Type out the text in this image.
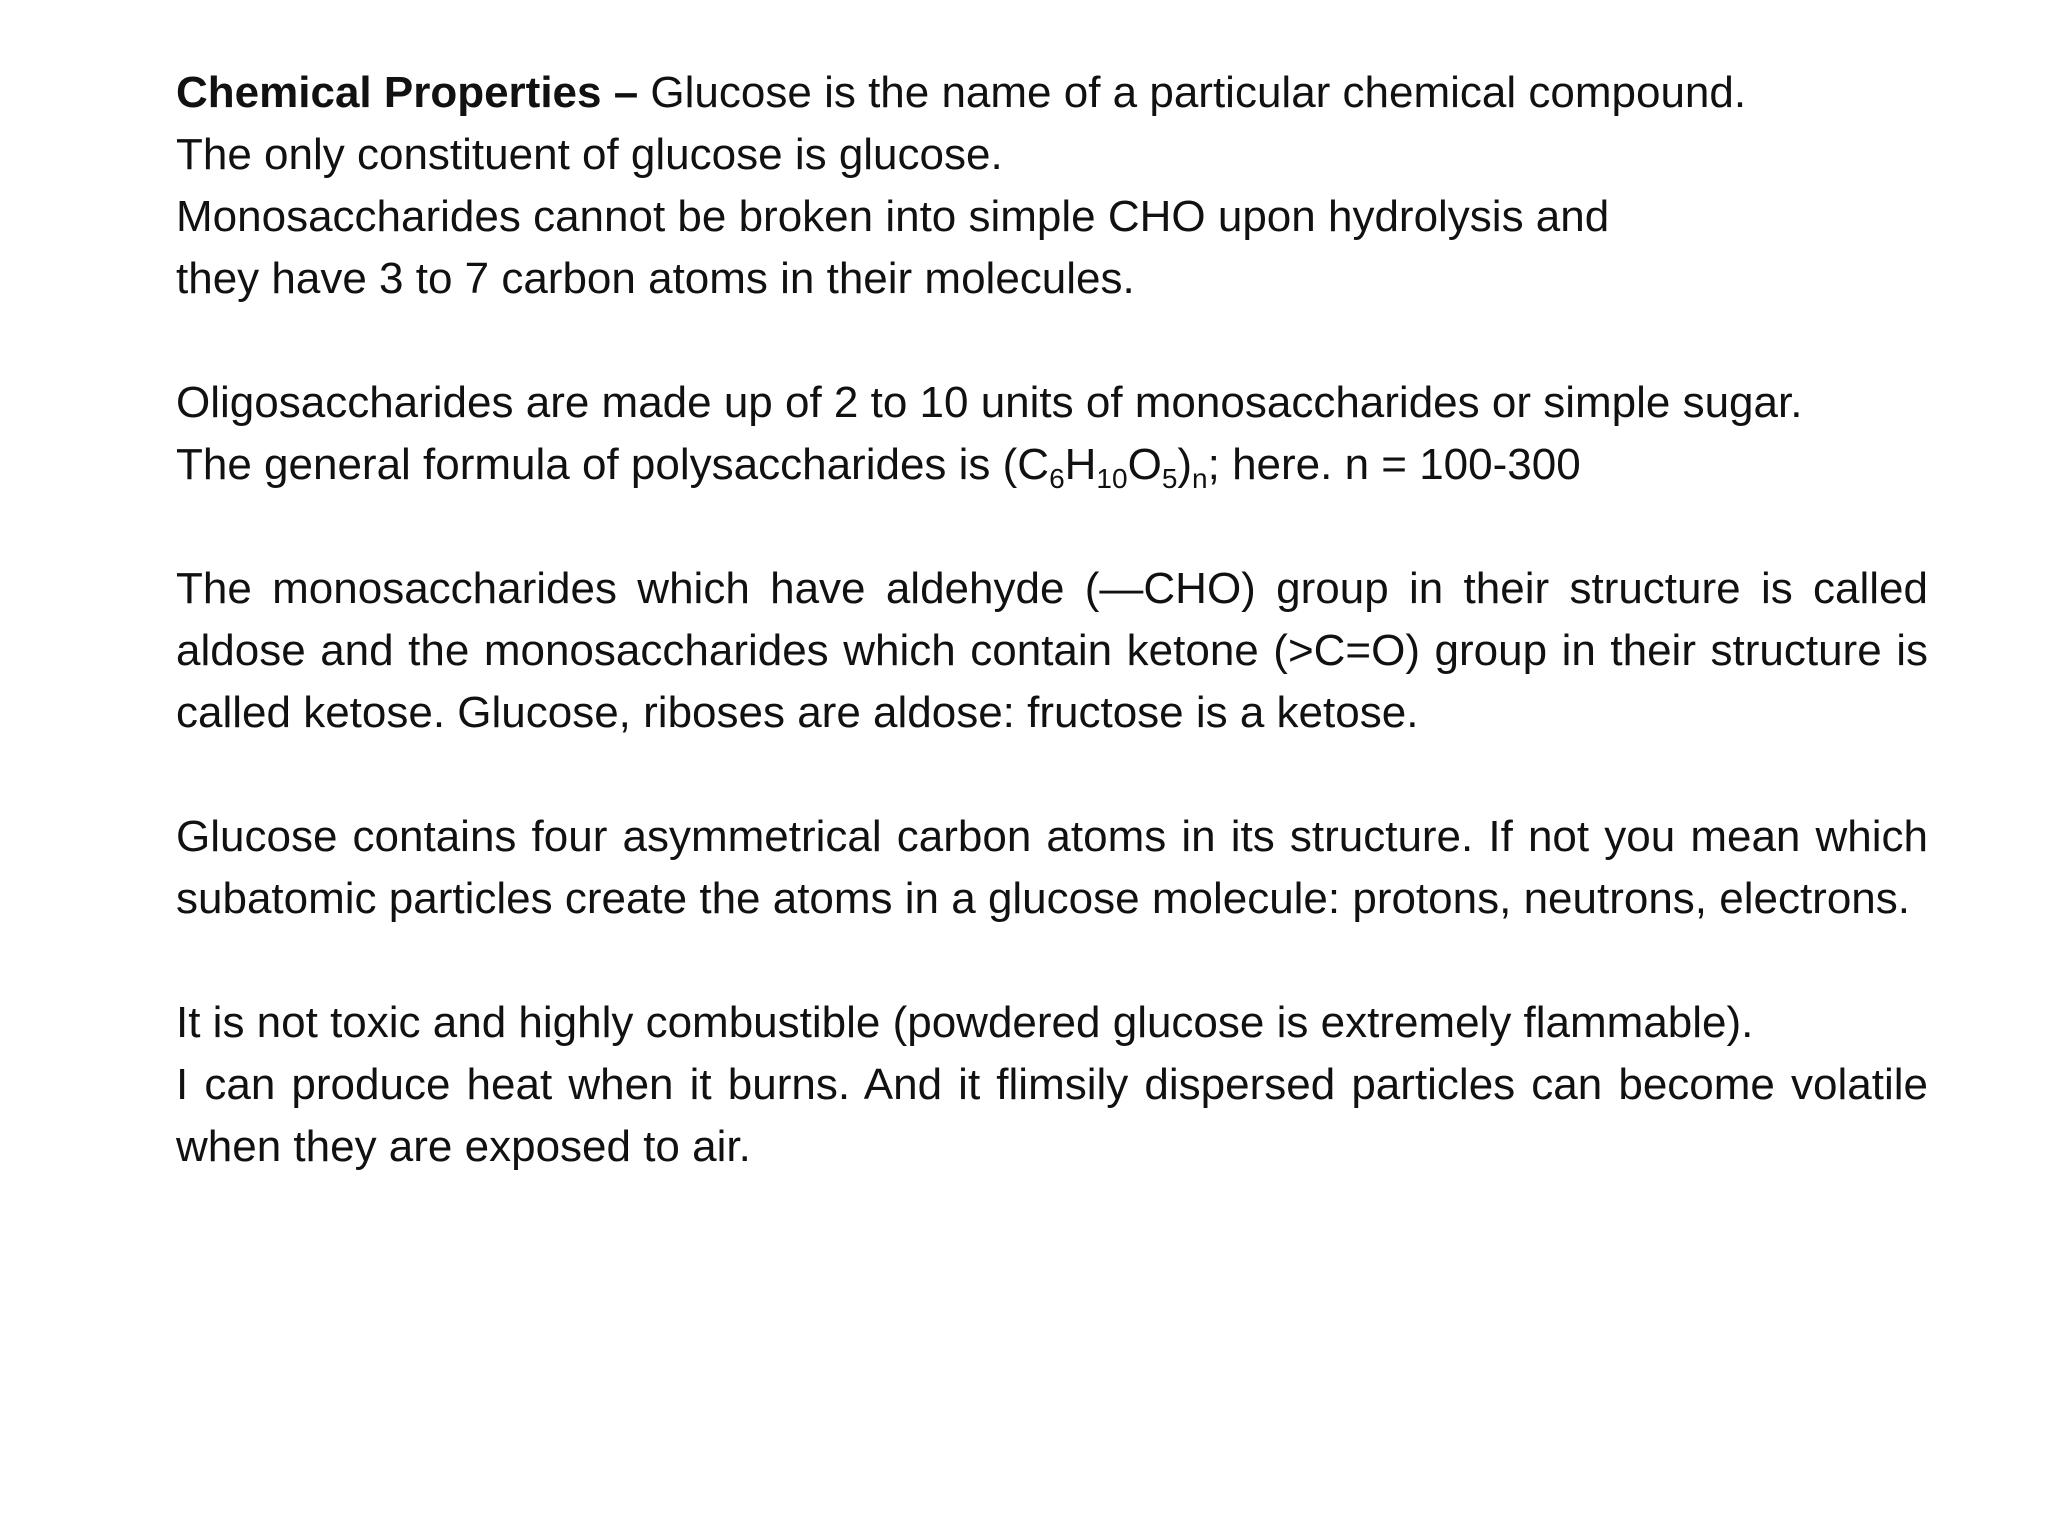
Chemical Properties – Glucose is the name of a particular chemical compound.
The only constituent of glucose is glucose.
Monosaccharides cannot be broken into simple CHO upon hydrolysis and
they have 3 to 7 carbon atoms in their molecules.
Oligosaccharides are made up of 2 to 10 units of monosaccharides or simple sugar.
The general formula of polysaccharides is $(C_6H_{10}O_5)_n$; here. n = 100-300
The monosaccharides which have aldehyde (—CHO) group in their structure is called aldose and the monosaccharides which contain ketone (>C=O) group in their structure is called ketose. Glucose, riboses are aldose: fructose is a ketose.
Glucose contains four asymmetrical carbon atoms in its structure. If not you mean which subatomic particles create the atoms in a glucose molecule: protons, neutrons, electrons.
It is not toxic and highly combustible (powdered glucose is extremely flammable).
I can produce heat when it burns. And it flimsily dispersed particles can become volatile when they are exposed to air.
